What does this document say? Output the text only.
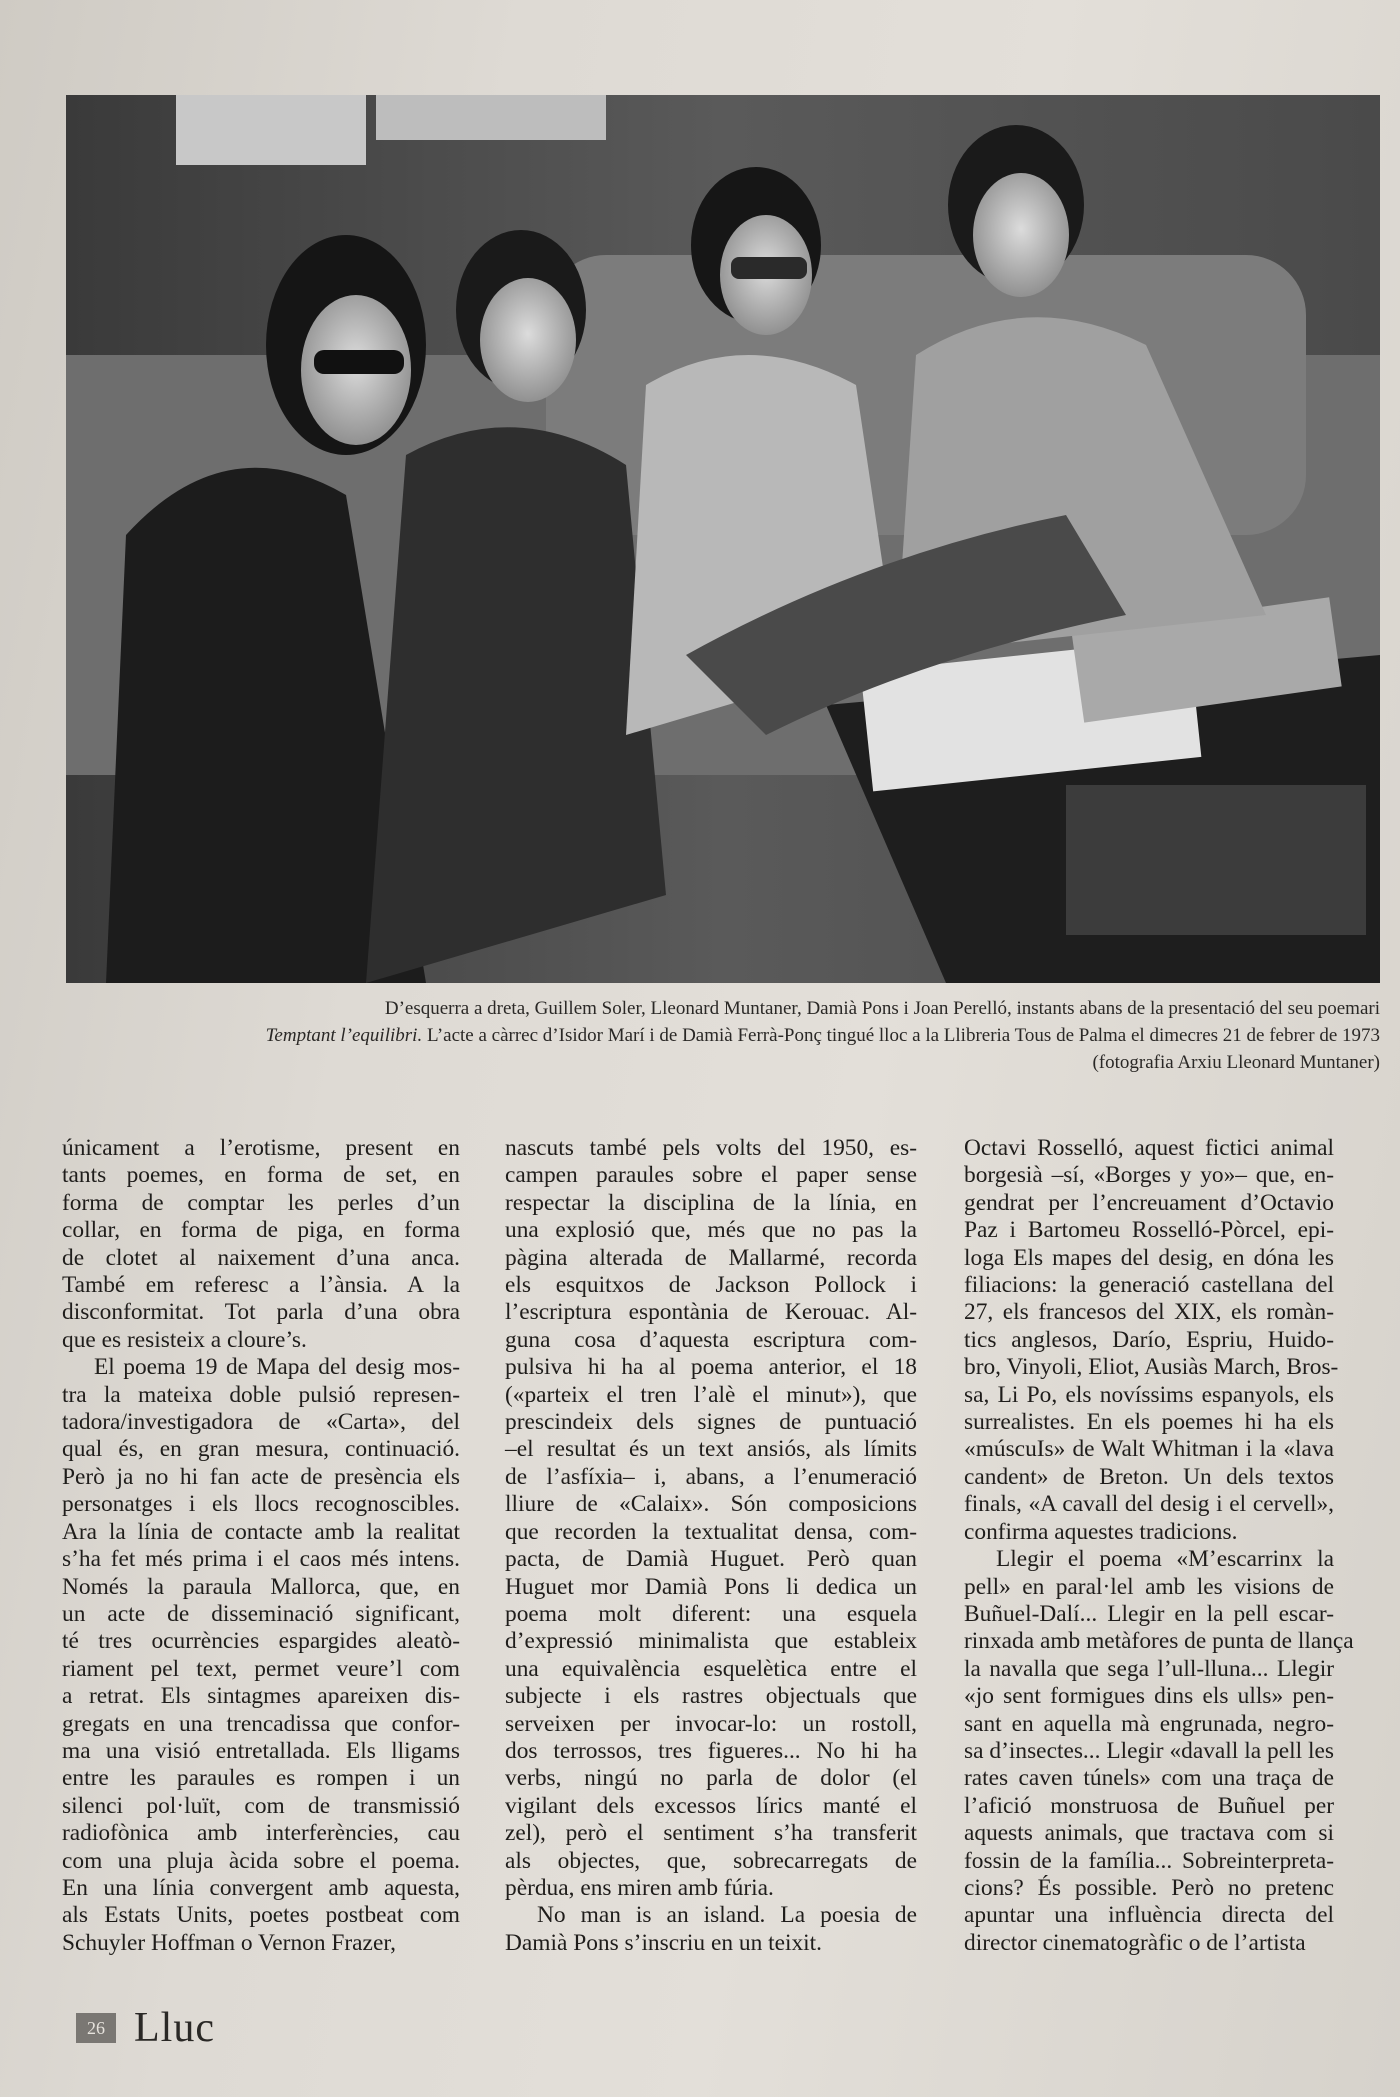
D’esquerra a dreta, Guillem Soler, Lleonard Muntaner, Damià Pons i Joan Perelló, instants abans de la presentació del seu poemari
Temptant l’equilibri. L’acte a càrrec d’Isidor Marí i de Damià Ferrà-Ponç tingué lloc a la Llibreria Tous de Palma el dimecres 21 de febrer de 1973
(fotografia Arxiu Lleonard Muntaner)
únicament a l’erotisme, present en
tants poemes, en forma de set, en
forma de comptar les perles d’un
collar, en forma de piga, en forma
de clotet al naixement d’una anca.
També em referesc a l’ànsia. A la
disconformitat. Tot parla d’una obra
que es resisteix a cloure’s.
El poema 19 de Mapa del desig mos-
tra la mateixa doble pulsió represen-
tadora/investigadora de «Carta», del
qual és, en gran mesura, continuació.
Però ja no hi fan acte de presència els
personatges i els llocs recognoscibles.
Ara la línia de contacte amb la realitat
s’ha fet més prima i el caos més intens.
Només la paraula Mallorca, que, en
un acte de disseminació significant,
té tres ocurrències espargides aleatò-
riament pel text, permet veure’l com
a retrat. Els sintagmes apareixen dis-
gregats en una trencadissa que confor-
ma una visió entretallada. Els lligams
entre les paraules es rompen i un
silenci pol·luït, com de transmissió
radiofònica amb interferències, cau
com una pluja àcida sobre el poema.
En una línia convergent amb aquesta,
als Estats Units, poetes postbeat com
Schuyler Hoffman o Vernon Frazer,
nascuts també pels volts del 1950, es-
campen paraules sobre el paper sense
respectar la disciplina de la línia, en
una explosió que, més que no pas la
pàgina alterada de Mallarmé, recorda
els esquitxos de Jackson Pollock i
l’escriptura espontània de Kerouac. Al-
guna cosa d’aquesta escriptura com-
pulsiva hi ha al poema anterior, el 18
(«parteix el tren l’alè el minut»), que
prescindeix dels signes de puntuació
–el resultat és un text ansiós, als límits
de l’asfíxia– i, abans, a l’enumeració
lliure de «Calaix». Són composicions
que recorden la textualitat densa, com-
pacta, de Damià Huguet. Però quan
Huguet mor Damià Pons li dedica un
poema molt diferent: una esquela
d’expressió minimalista que estableix
una equivalència esquelètica entre el
subjecte i els rastres objectuals que
serveixen per invocar-lo: un rostoll,
dos terrossos, tres figueres... No hi ha
verbs, ningú no parla de dolor (el
vigilant dels excessos lírics manté el
zel), però el sentiment s’ha transferit
als objectes, que, sobrecarregats de
pèrdua, ens miren amb fúria.
No man is an island. La poesia de
Damià Pons s’inscriu en un teixit.
Octavi Rosselló, aquest fictici animal
borgesià –sí, «Borges y yo»– que, en-
gendrat per l’encreuament d’Octavio
Paz i Bartomeu Rosselló-Pòrcel, epi-
loga Els mapes del desig, en dóna les
filiacions: la generació castellana del
27, els francesos del XIX, els romàn-
tics anglesos, Darío, Espriu, Huido-
bro, Vinyoli, Eliot, Ausiàs March, Bros-
sa, Li Po, els novíssims espanyols, els
surrealistes. En els poemes hi ha els
«múscuIs» de Walt Whitman i la «lava
candent» de Breton. Un dels textos
finals, «A cavall del desig i el cervell»,
confirma aquestes tradicions.
Llegir el poema «M’escarrinx la
pell» en paral·lel amb les visions de
Buñuel-Dalí... Llegir en la pell escar-
rinxada amb metàfores de punta de llança
la navalla que sega l’ull-lluna... Llegir
«jo sent formigues dins els ulls» pen-
sant en aquella mà engrunada, negro-
sa d’insectes... Llegir «davall la pell les
rates caven túnels» com una traça de
l’afició monstruosa de Buñuel per
aquests animals, que tractava com si
fossin de la família... Sobreinterpreta-
cions? És possible. Però no pretenc
apuntar una influència directa del
director cinematogràfic o de l’artista
26 Lluc
